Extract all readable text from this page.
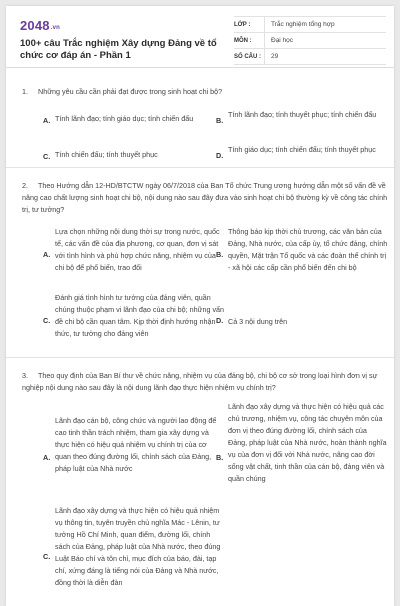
2048.vn
100+ câu Trắc nghiệm Xây dựng Đảng về tổ chức cơ đáp án - Phần 1
LỚP :	Trắc nghiệm tổng hợp
MÔN :	Đại học
SỐ CÂU :	29
1. Những yêu cầu cần phải đạt được trong sinh hoạt chi bộ?
A. Tính lãnh đạo; tính giáo dục; tính chiến đấu	B.
Tính lãnh đạo; tính thuyết phục; tính chiến đấu
C. Tính chiến đấu; tính thuyết phục	D.
Tính giáo dục; tính chiến đấu; tính thuyết phục
2. Theo Hướng dẫn 12-HD/BTCTW ngày 06/7/2018 của Ban Tổ chức Trung ương hướng dẫn một số vấn đề về nâng cao chất lượng sinh hoạt chi bộ, nội dung nào sau đây đưa vào sinh hoạt chi bộ thường kỳ về công tác chính trị, tư tưởng?
A.
Lựa chọn những nội dung thời sự trong nước, quốc tế, các vấn đề của địa phương, cơ quan, đơn vị sát với tình hình và phù hợp chức năng, nhiệm vụ của chi bộ để phổ biến, trao đổi
B.
Thông báo kịp thời chủ trương, các văn bản của Đảng, Nhà nước, của cấp ủy, tổ chức đảng, chính quyền, Mặt trận Tổ quốc và các đoàn thể chính trị - xã hội các cấp cần phổ biến đến chi bộ
C.
Đánh giá tình hình tư tưởng của đảng viên, quần chúng thuộc phạm vi lãnh đạo của chi bộ; những vấn đề chi bộ cần quan tâm. Kịp thời định hướng nhận thức, tư tưởng cho đảng viên
D. Cả 3 nội dung trên
3. Theo quy định của Ban Bí thư về chức năng, nhiệm vụ của đảng bộ, chi bộ cơ sở trong loại hình đơn vị sự nghiệp nội dung nào sau đây là nội dung lãnh đạo thực hiện nhiệm vụ chính trị?
A.
Lãnh đạo cán bộ, công chức và người lao động để cao tinh thần trách nhiệm, tham gia xây dựng và thực hiện có hiệu quả nhiệm vụ chính trị của cơ quan theo đúng đường lối, chính sách của Đảng, pháp luật của Nhà nước
B.
Lãnh đạo xây dựng và thực hiện có hiệu quả các chủ trương, nhiệm vụ, công tác chuyên môn của đơn vị theo đúng đường lối, chính sách của Đảng, pháp luật của Nhà nước, hoàn thành nghĩa vụ của đơn vị đối với Nhà nước, nâng cao đời sống vật chất, tinh thần của cán bộ, đảng viên và quần chúng
C.
Lãnh đạo xây dựng và thực hiện có hiệu quả nhiệm vụ thông tin, tuyên truyền chủ nghĩa Mác - Lênin, tư tưởng Hồ Chí Minh, quan điểm, đường lối, chính sách của Đảng, pháp luật của Nhà nước, theo đúng Luật Báo chí và tôn chỉ, mục đích của báo, đài, tạp chí, xứng đáng là tiếng nói của Đảng và Nhà nước, đồng thời là diễn đàn
